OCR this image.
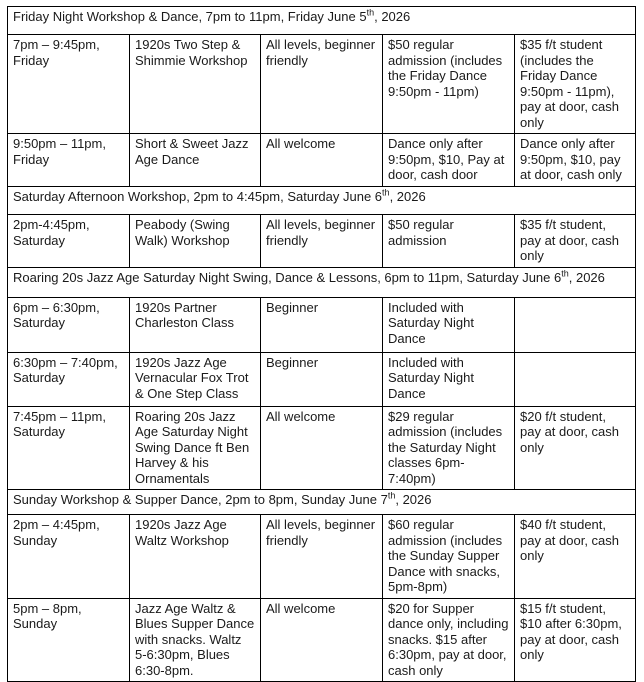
Friday Night Workshop & Dance, 7pm to 11pm, Friday June 5th, 2026				
7pm – 9:45pm, Friday	1920s Two Step & Shimmie Workshop	All levels, beginner friendly	$50 regular admission (includes the Friday Dance 9:50pm - 11pm)	$35 f/t student (includes the Friday Dance 9:50pm - 11pm), pay at door, cash only
9:50pm – 11pm, Friday	Short & Sweet Jazz Age Dance	All welcome	Dance only after 9:50pm, $10, Pay at door, cash door	Dance only after 9:50pm, $10, pay at door, cash only
Saturday Afternoon Workshop, 2pm to 4:45pm, Saturday June 6th, 2026				
2pm-4:45pm, Saturday	Peabody (Swing Walk) Workshop	All levels, beginner friendly	$50 regular admission	$35 f/t student, pay at door, cash only
Roaring 20s Jazz Age Saturday Night Swing, Dance & Lessons, 6pm to 11pm, Saturday June 6th, 2026				
6pm – 6:30pm, Saturday	1920s Partner Charleston Class	Beginner	Included with Saturday Night Dance	
6:30pm – 7:40pm, Saturday	1920s Jazz Age Vernacular Fox Trot & One Step Class	Beginner	Included with Saturday Night Dance	
7:45pm – 11pm, Saturday	Roaring 20s Jazz Age Saturday Night Swing Dance ft Ben Harvey & his Ornamentals	All welcome	$29 regular admission (includes the Saturday Night classes 6pm-7:40pm)	$20 f/t student, pay at door, cash only
Sunday Workshop & Supper Dance, 2pm to 8pm, Sunday June 7th, 2026				
2pm – 4:45pm, Sunday	1920s Jazz Age Waltz Workshop	All levels, beginner friendly	$60 regular admission (includes the Sunday Supper Dance with snacks, 5pm-8pm)	$40 f/t student, pay at door, cash only
5pm – 8pm, Sunday	Jazz Age Waltz & Blues Supper Dance with snacks. Waltz 5-6:30pm, Blues 6:30-8pm.	All welcome	$20 for Supper dance only, including snacks. $15 after 6:30pm, pay at door, cash only	$15 f/t student, $10 after 6:30pm, pay at door, cash only
